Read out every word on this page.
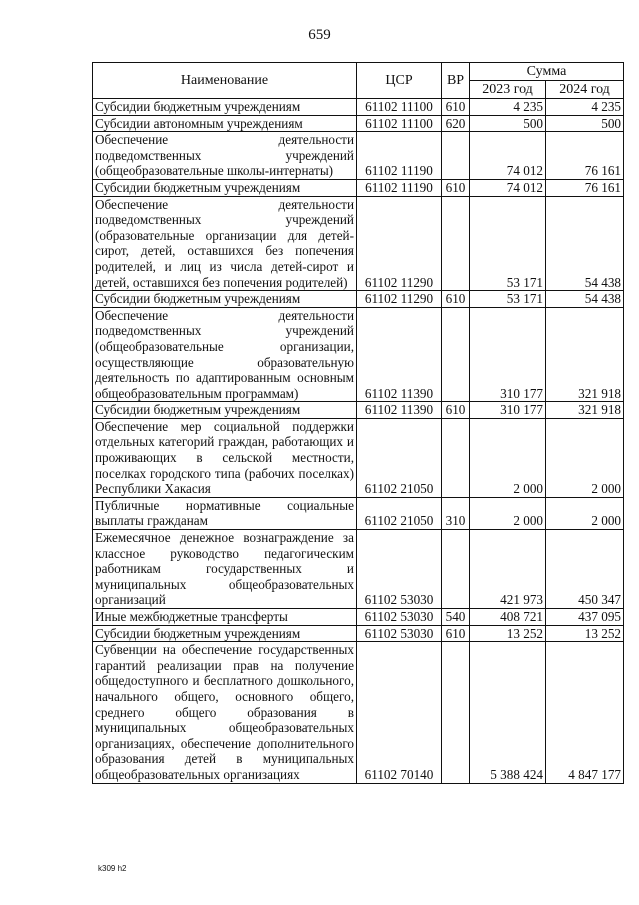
659
Наименование	ЦСР	ВР	Сумма	
			2023 год	2024 год
Субсидии бюджетным учреждениям	61102 11100	610	4 235	4 235
Субсидии автономным учреждениям	61102 11100	620	500	500
Обеспечение деятельности подведомственных учреждений (общеобразовательные школы-интернаты)	61102 11190		74 012	76 161
Субсидии бюджетным учреждениям	61102 11190	610	74 012	76 161
Обеспечение деятельности подведомственных учреждений (образовательные организации для детей-сирот, детей, оставшихся без попечения родителей, и лиц из числа детей-сирот и детей, оставшихся без попечения родителей)	61102 11290		53 171	54 438
Субсидии бюджетным учреждениям	61102 11290	610	53 171	54 438
Обеспечение деятельности подведомственных учреждений (общеобразовательные организации, осуществляющие образовательную деятельность по адаптированным основным общеобразовательным программам)	61102 11390		310 177	321 918
Субсидии бюджетным учреждениям	61102 11390	610	310 177	321 918
Обеспечение мер социальной поддержки отдельных категорий граждан, работающих и проживающих в сельской местности, поселках городского типа (рабочих поселках) Республики Хакасия	61102 21050		2 000	2 000
Публичные нормативные социальные выплаты гражданам	61102 21050	310	2 000	2 000
Ежемесячное денежное вознаграждение за классное руководство педагогическим работникам государственных и муниципальных общеобразовательных организаций	61102 53030		421 973	450 347
Иные межбюджетные трансферты	61102 53030	540	408 721	437 095
Субсидии бюджетным учреждениям	61102 53030	610	13 252	13 252
Субвенции на обеспечение государственных гарантий реализации прав на получение общедоступного и бесплатного дошкольного, начального общего, основного общего, среднего общего образования в муниципальных общеобразовательных организациях, обеспечение дополнительного образования детей в муниципальных общеобразовательных организациях	61102 70140		5 388 424	4 847 177
k309 h2
